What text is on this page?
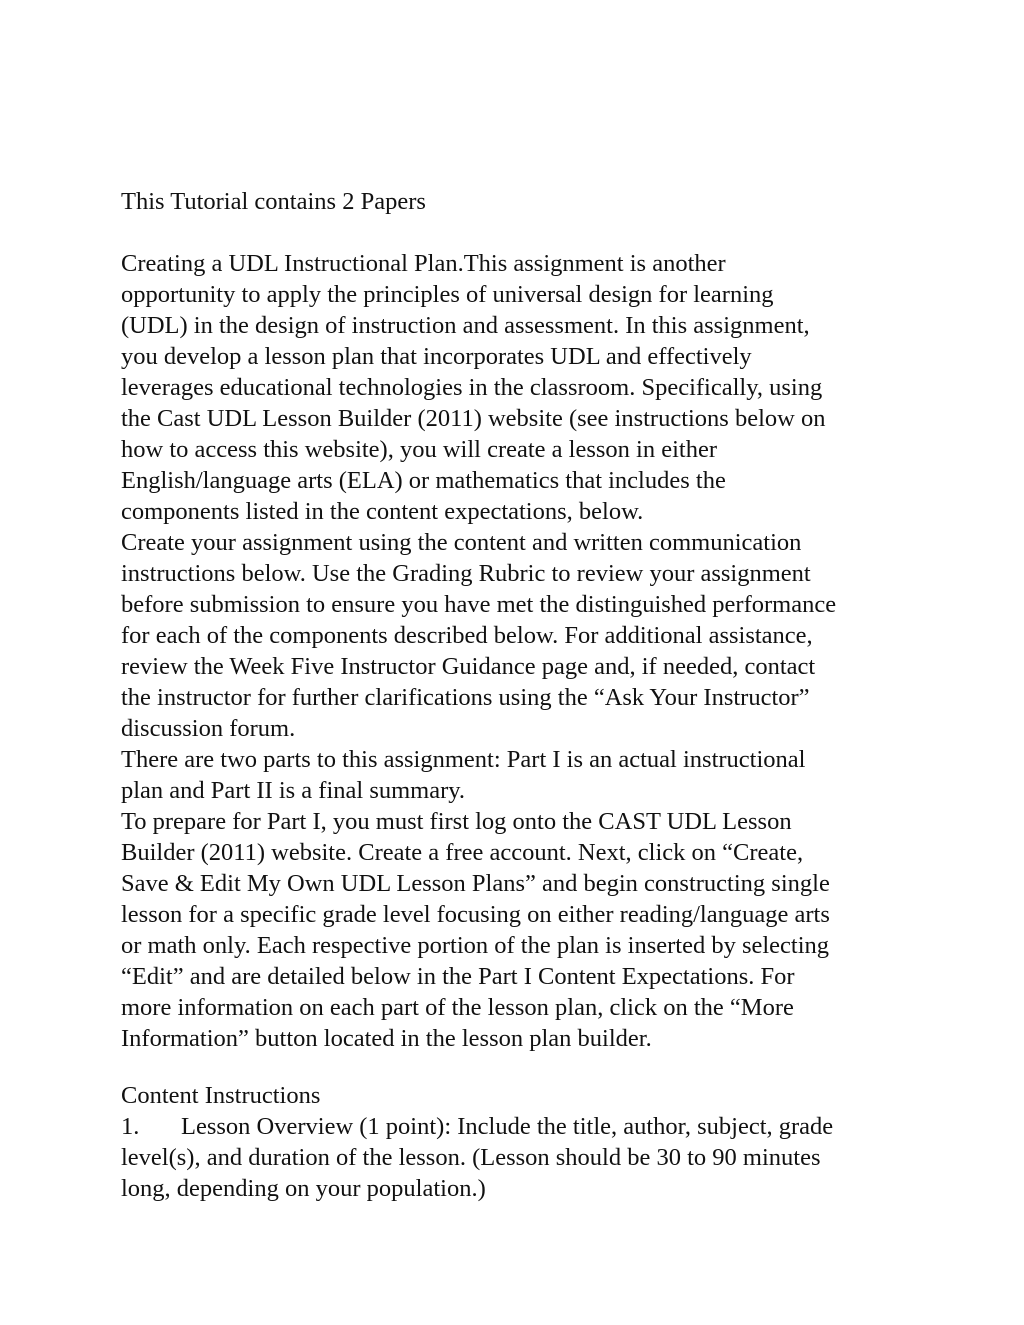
This Tutorial contains 2 Papers
Creating a UDL Instructional Plan.This assignment is another
opportunity to apply the principles of universal design for learning
(UDL) in the design of instruction and assessment. In this assignment,
you develop a lesson plan that incorporates UDL and effectively
leverages educational technologies in the classroom. Specifically, using
the Cast UDL Lesson Builder (2011) website (see instructions below on
how to access this website), you will create a lesson in either
English/language arts (ELA) or mathematics that includes the
components listed in the content expectations, below.
Create your assignment using the content and written communication
instructions below. Use the Grading Rubric to review your assignment
before submission to ensure you have met the distinguished performance
for each of the components described below. For additional assistance,
review the Week Five Instructor Guidance page and, if needed, contact
the instructor for further clarifications using the “Ask Your Instructor”
discussion forum.
There are two parts to this assignment: Part I is an actual instructional
plan and Part II is a final summary.
To prepare for Part I, you must first log onto the CAST UDL Lesson
Builder (2011) website. Create a free account. Next, click on “Create,
Save & Edit My Own UDL Lesson Plans” and begin constructing single
lesson for a specific grade level focusing on either reading/language arts
or math only. Each respective portion of the plan is inserted by selecting
“Edit” and are detailed below in the Part I Content Expectations. For
more information on each part of the lesson plan, click on the “More
Information” button located in the lesson plan builder.
Content Instructions
1. Lesson Overview (1 point): Include the title, author, subject, grade
level(s), and duration of the lesson. (Lesson should be 30 to 90 minutes
long, depending on your population.)
